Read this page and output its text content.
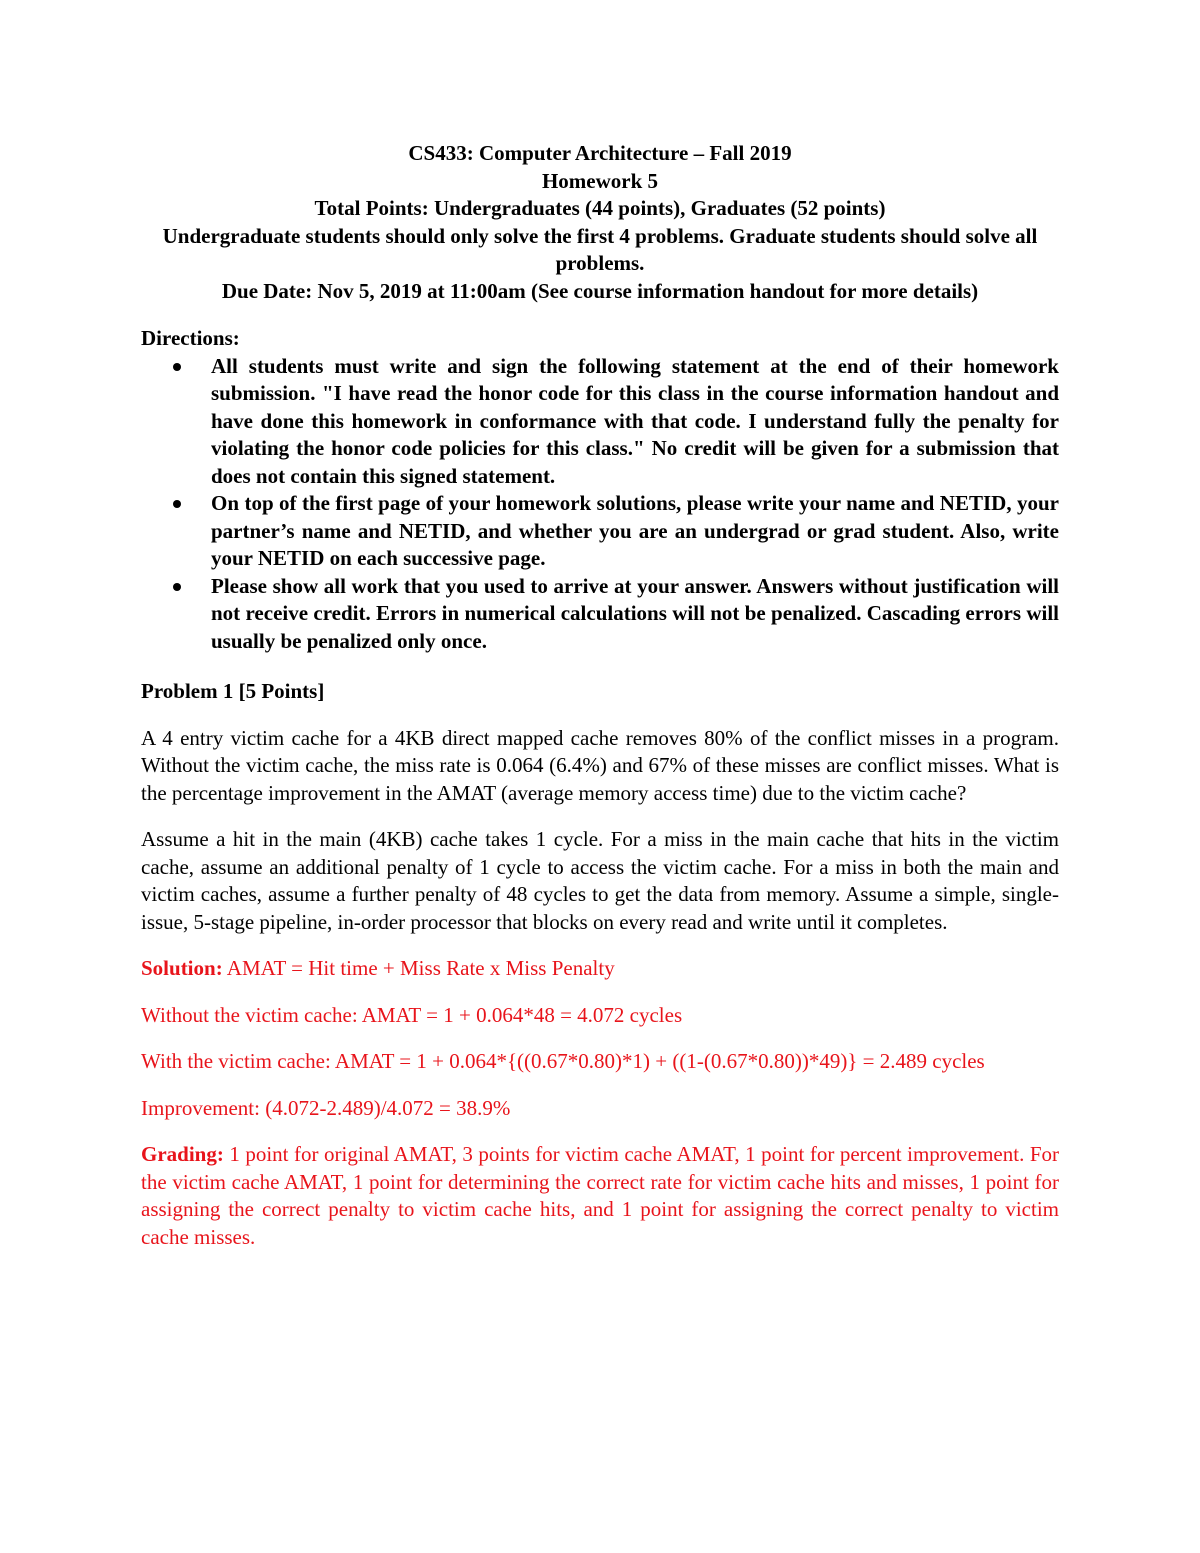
CS433: Computer Architecture – Fall 2019
Homework 5
Total Points: Undergraduates (44 points), Graduates (52 points)
Undergraduate students should only solve the first 4 problems. Graduate students should solve all problems.
Due Date: Nov 5, 2019 at 11:00am (See course information handout for more details)
Directions:
All students must write and sign the following statement at the end of their homework submission. "I have read the honor code for this class in the course information handout and have done this homework in conformance with that code. I understand fully the penalty for violating the honor code policies for this class." No credit will be given for a submission that does not contain this signed statement.
On top of the first page of your homework solutions, please write your name and NETID, your partner’s name and NETID, and whether you are an undergrad or grad student. Also, write your NETID on each successive page.
Please show all work that you used to arrive at your answer. Answers without justification will not receive credit. Errors in numerical calculations will not be penalized. Cascading errors will usually be penalized only once.
Problem 1 [5 Points]
A 4 entry victim cache for a 4KB direct mapped cache removes 80% of the conflict misses in a program. Without the victim cache, the miss rate is 0.064 (6.4%) and 67% of these misses are conflict misses. What is the percentage improvement in the AMAT (average memory access time) due to the victim cache?
Assume a hit in the main (4KB) cache takes 1 cycle. For a miss in the main cache that hits in the victim cache, assume an additional penalty of 1 cycle to access the victim cache. For a miss in both the main and victim caches, assume a further penalty of 48 cycles to get the data from memory. Assume a simple, single-issue, 5-stage pipeline, in-order processor that blocks on every read and write until it completes.
Solution: AMAT = Hit time + Miss Rate x Miss Penalty
Without the victim cache: AMAT = 1 + 0.064*48 = 4.072 cycles
With the victim cache: AMAT = 1 + 0.064*{((0.67*0.80)*1) + ((1-(0.67*0.80))*49)} = 2.489 cycles
Improvement: (4.072-2.489)/4.072 = 38.9%
Grading: 1 point for original AMAT, 3 points for victim cache AMAT, 1 point for percent improvement. For the victim cache AMAT, 1 point for determining the correct rate for victim cache hits and misses, 1 point for assigning the correct penalty to victim cache hits, and 1 point for assigning the correct penalty to victim cache misses.
